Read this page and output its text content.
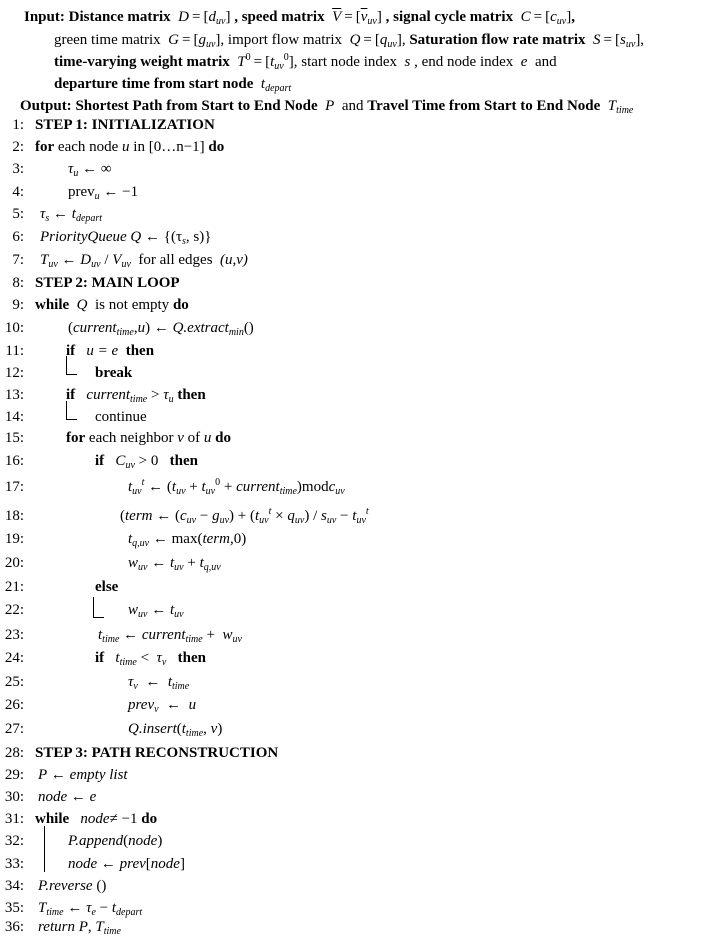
Input: Distance matrix $D = [d_{uv}]$ , speed matrix $\overline{V} = [\overline{v}_{uv}]$ , signal cycle matrix $C = [c_{uv}]$,
green time matrix $G = [g_{uv}]$, import flow matrix $Q = [q_{uv}]$, Saturation flow rate matrix $S = [s_{uv}]$,
time-varying weight matrix $T^0 = [t_{uv}^0]$, start node index s , end node index e and
departure time from start node $t_{depart}$
Output: Shortest Path from Start to End Node P and Travel Time from Start to End Node $T_{time}$
1: STEP 1: INITIALIZATION
2: for each node u in [0…n−1] do
3:	$\tau_u$ ← ∞
4:	prev$_u$ ← −1
5: $\tau_s$ ← $t_{depart}$
6: PriorityQueue Q ← {($\tau_s$, s)}
7: $T_{uv}$ ← $D_{uv} / V_{uv}$ for all edges (u,v)
8: STEP 2: MAIN LOOP
9: while Q is not empty do
10:	(current$_{time}$,u) ← Q.extract$_{min}$()
11:	if u = e then
12:	break
13:	if current$_{time}$ > $\tau_u$ then
14:	continue
15:	for each neighbor v of u do
16:	if $C_{uv} > 0$ then
17:	$t_{uv}^t$ ← ($t_{uv} + t_{uv}^0$ + current$_{time}$)modc$_{uv}$
18:	(term ← $(c_{uv} - g_{uv}) + (t_{uv}^t \times q_{uv}) / s_{uv} - t_{uv}^t$
19:	$t_{q,uv}$ ← max(term,0)
20:	$w_{uv}$ ← $t_{uv} + t_{q,uv}$
21:	else
22:	$w_{uv}$ ← $t_{uv}$
23:	$t_{time}$ ← current$_{time}$ + $w_{uv}$
24:	if $t_{time} < \tau_v$ then
25:	$\tau_v$ ← $t_{time}$
26:	prev$_v$ ← u
27:	$Q.insert(t_{time}$, v)
28: STEP 3: PATH RECONSTRUCTION
29: P ← empty list
30: node ← e
31: while node≠ −1 do
32:	P.append(node)
33:	node ← prev[node]
34: P.reverse ()
35: $T_{time}$ ← $\tau_e - t_{depart}$
36: return P, $T_{time}$
